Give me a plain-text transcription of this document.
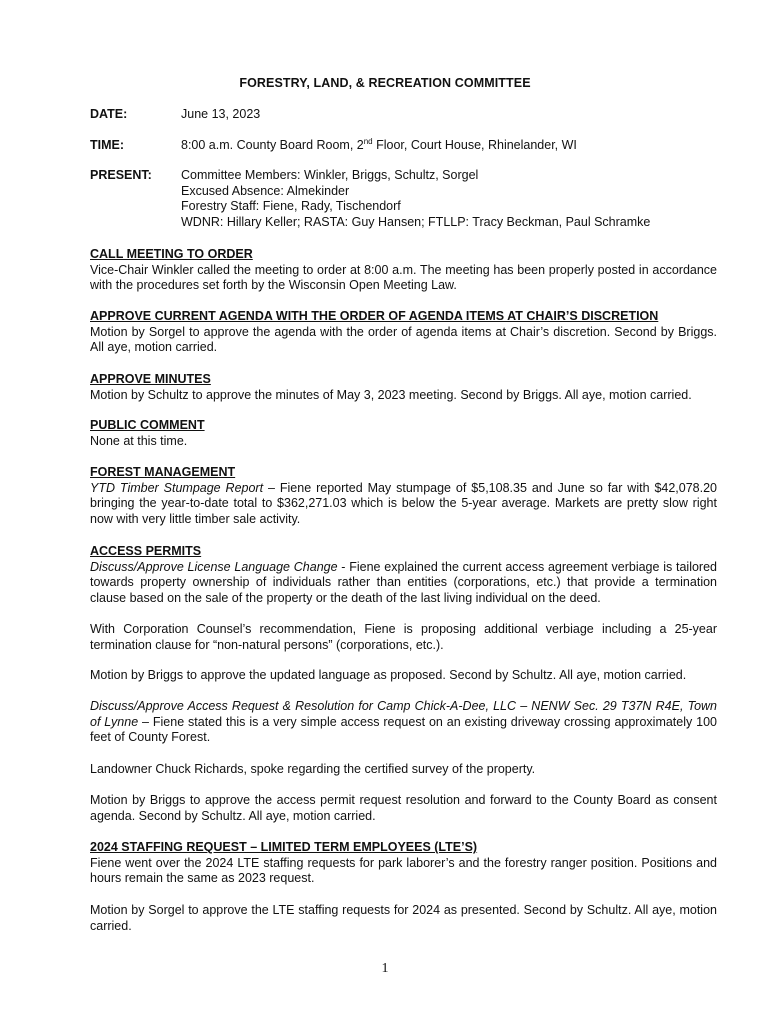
FORESTRY, LAND, & RECREATION COMMITTEE
DATE:	June 13, 2023
TIME:	8:00 a.m. County Board Room, 2nd Floor, Court House, Rhinelander, WI
PRESENT: Committee Members: Winkler, Briggs, Schultz, Sorgel
Excused Absence: Almekinder
Forestry Staff: Fiene, Rady, Tischendorf
WDNR: Hillary Keller; RASTA: Guy Hansen; FTLLP: Tracy Beckman, Paul Schramke
CALL MEETING TO ORDER
Vice-Chair Winkler called the meeting to order at 8:00 a.m. The meeting has been properly posted in accordance with the procedures set forth by the Wisconsin Open Meeting Law.
APPROVE CURRENT AGENDA WITH THE ORDER OF AGENDA ITEMS AT CHAIR’S DISCRETION
Motion by Sorgel to approve the agenda with the order of agenda items at Chair’s discretion. Second by Briggs. All aye, motion carried.
APPROVE MINUTES
Motion by Schultz to approve the minutes of May 3, 2023 meeting. Second by Briggs. All aye, motion carried.
PUBLIC COMMENT
None at this time.
FOREST MANAGEMENT
YTD Timber Stumpage Report – Fiene reported May stumpage of $5,108.35 and June so far with $42,078.20 bringing the year-to-date total to $362,271.03 which is below the 5-year average. Markets are pretty slow right now with very little timber sale activity.
ACCESS PERMITS
Discuss/Approve License Language Change - Fiene explained the current access agreement verbiage is tailored towards property ownership of individuals rather than entities (corporations, etc.) that provide a termination clause based on the sale of the property or the death of the last living individual on the deed.
With Corporation Counsel’s recommendation, Fiene is proposing additional verbiage including a 25-year termination clause for “non-natural persons” (corporations, etc.).
Motion by Briggs to approve the updated language as proposed. Second by Schultz. All aye, motion carried.
Discuss/Approve Access Request & Resolution for Camp Chick-A-Dee, LLC – NENW Sec. 29 T37N R4E, Town of Lynne – Fiene stated this is a very simple access request on an existing driveway crossing approximately 100 feet of County Forest.
Landowner Chuck Richards, spoke regarding the certified survey of the property.
Motion by Briggs to approve the access permit request resolution and forward to the County Board as consent agenda. Second by Schultz. All aye, motion carried.
2024 STAFFING REQUEST – LIMITED TERM EMPLOYEES (LTE’S)
Fiene went over the 2024 LTE staffing requests for park laborer’s and the forestry ranger position. Positions and hours remain the same as 2023 request.
Motion by Sorgel to approve the LTE staffing requests for 2024 as presented. Second by Schultz. All aye, motion carried.
1
